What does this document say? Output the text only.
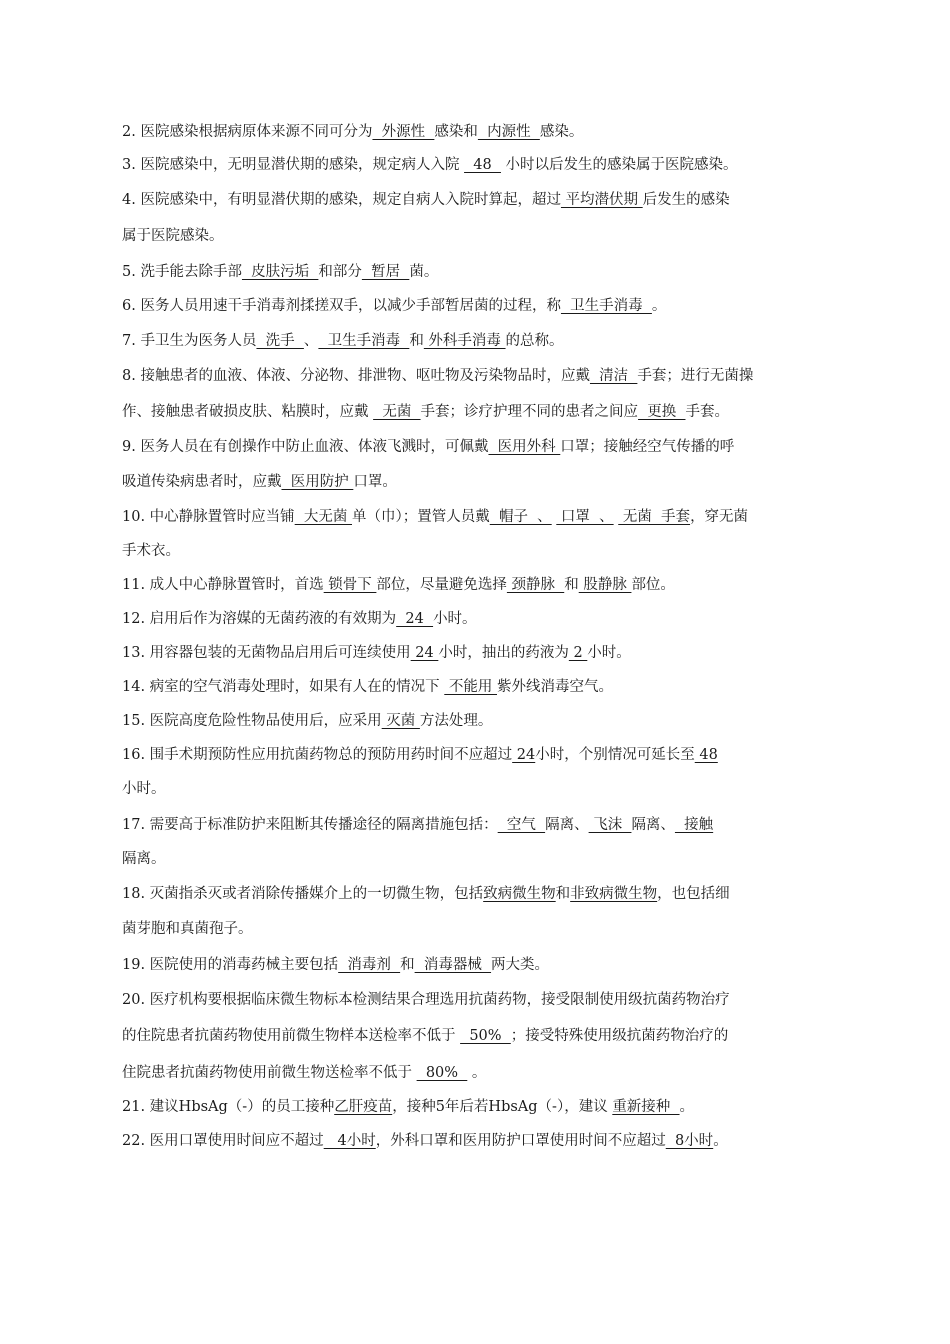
2. 医院感染根据病原体来源不同可分为  外源性  感染和  内源性  感染。
3. 医院感染中，无明显潜伏期的感染，规定病人入院   48   小时以后发生的感染属于医院感染。
4. 医院感染中，有明显潜伏期的感染，规定自病人入院时算起，超过 平均潜伏期 后发生的感染
属于医院感染。
5. 洗手能去除手部  皮肤污垢  和部分  暂居  菌。
6. 医务人员用速干手消毒剂揉搓双手，以减少手部暂居菌的过程，称  卫生手消毒  。
7. 手卫生为医务人员  洗手  、  卫生手消毒  和 外科手消毒 的总称。
8. 接触患者的血液、体液、分泌物、排泄物、呕吐物及污染物品时，应戴  清洁  手套；进行无菌操
作、接触患者破损皮肤、粘膜时，应戴   无菌  手套；诊疗护理不同的患者之间应  更换  手套。
9. 医务人员在有创操作中防止血液、体液飞溅时，可佩戴  医用外科 口罩；接触经空气传播的呼
吸道传染病患者时，应戴  医用防护 口罩。
10. 中心静脉置管时应当铺  大无菌 单（巾）；置管人员戴  帽子  、  口罩  、  无菌  手套，穿无菌
手术衣。
11. 成人中心静脉置管时，首选 锁骨下 部位，尽量避免选择 颈静脉  和 股静脉 部位。
12. 启用后作为溶媒的无菌药液的有效期为  24  小时。
13. 用容器包装的无菌物品启用后可连续使用 24 小时，抽出的药液为 2 小时。
14. 病室的空气消毒处理时，如果有人在的情况下  不能用 紫外线消毒空气。
15. 医院高度危险性物品使用后，应采用 灭菌 方法处理。
16. 围手术期预防性应用抗菌药物总的预防用药时间不应超过 24小时，个别情况可延长至 48
小时。
17. 需要高于标准防护来阻断其传播途径的隔离措施包括：  空气  隔离、 飞沫  隔离、  接触
隔离。
18. 灭菌指杀灭或者消除传播媒介上的一切微生物，包括致病微生物和非致病微生物，也包括细
菌芽胞和真菌孢子。
19. 医院使用的消毒药械主要包括  消毒剂  和  消毒器械  两大类。
20. 医疗机构要根据临床微生物标本检测结果合理选用抗菌药物，接受限制使用级抗菌药物治疗
的住院患者抗菌药物使用前微生物样本送检率不低于   50%  ；接受特殊使用级抗菌药物治疗的
住院患者抗菌药物使用前微生物送检率不低于   80%   。
21. 建议HbsAg（-）的员工接种乙肝疫苗，接种5年后若HbsAg（-），建议 重新接种  。
22. 医用口罩使用时间应不超过   4小时，外科口罩和医用防护口罩使用时间不应超过  8小时。
